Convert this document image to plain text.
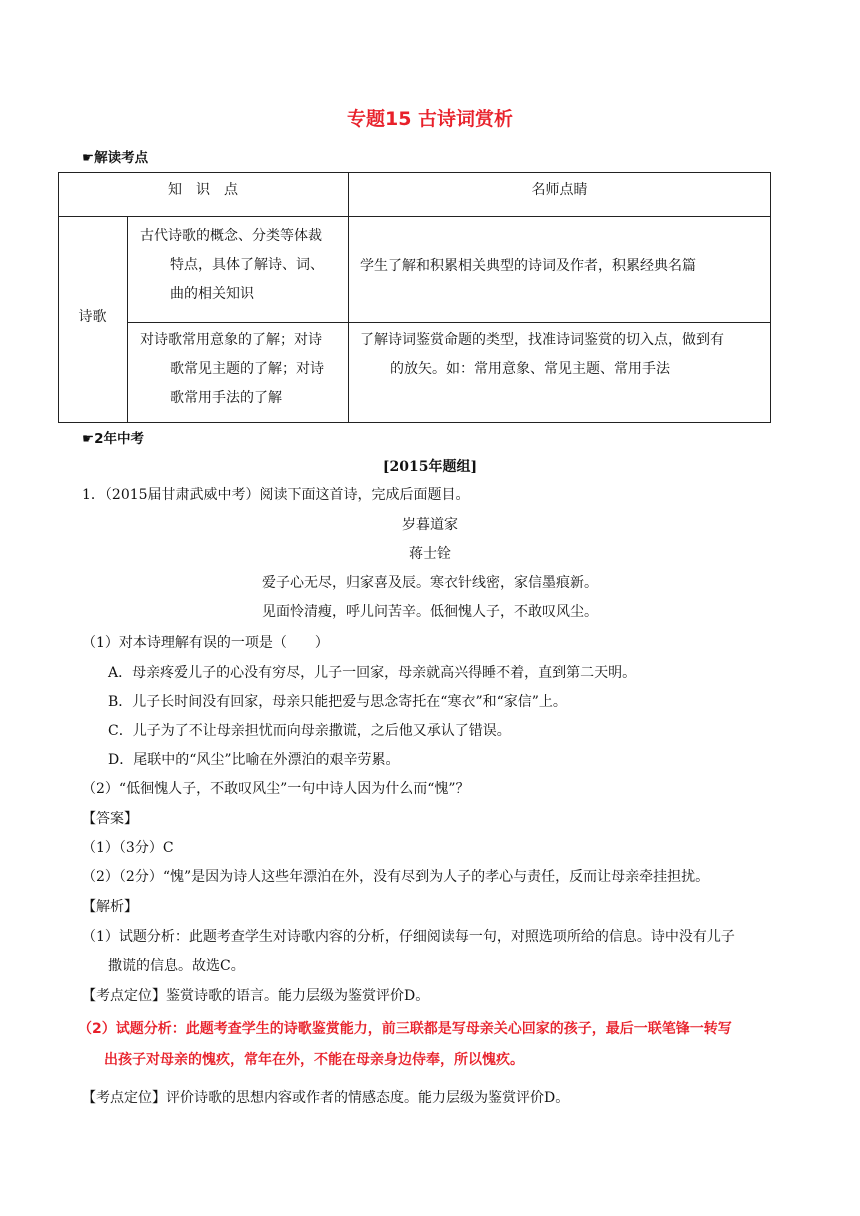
专题15 古诗词赏析
☛解读考点
知　识　点	名师点睛
诗歌
古代诗歌的概念、分类等体裁
特点，具体了解诗、词、
曲的相关知识
学生了解和积累相关典型的诗词及作者，积累经典名篇
对诗歌常用意象的了解；对诗
歌常见主题的了解；对诗
歌常用手法的了解
了解诗词鉴赏命题的类型，找准诗词鉴赏的切入点，做到有
的放矢。如：常用意象、常见主题、常用手法
☛2年中考
[2015年题组]
1．（2015届甘肃武威中考）阅读下面这首诗，完成后面题目。
岁暮道家
蒋士铨
爱子心无尽，归家喜及辰。寒衣针线密，家信墨痕新。
见面怜清瘦，呼儿问苦辛。低徊愧人子，不敢叹风尘。
（1）对本诗理解有误的一项是（　　）
A．母亲疼爱儿子的心没有穷尽，儿子一回家，母亲就高兴得睡不着，直到第二天明。
B．儿子长时间没有回家，母亲只能把爱与思念寄托在“寒衣”和“家信”上。
C．儿子为了不让母亲担忧而向母亲撒谎，之后他又承认了错误。
D．尾联中的“风尘”比喻在外漂泊的艰辛劳累。
（2）“低徊愧人子，不敢叹风尘”一句中诗人因为什么而“愧”？
【答案】
（1）（3分）C
（2）（2分）“愧”是因为诗人这些年漂泊在外，没有尽到为人子的孝心与责任，反而让母亲牵挂担扰。
【解析】
（1）试题分析：此题考查学生对诗歌内容的分析，仔细阅读每一句，对照选项所给的信息。诗中没有儿子
撒谎的信息。故选C。
【考点定位】鉴赏诗歌的语言。能力层级为鉴赏评价D。
（2）试题分析：此题考查学生的诗歌鉴赏能力，前三联都是写母亲关心回家的孩子，最后一联笔锋一转写
出孩子对母亲的愧疚，常年在外，不能在母亲身边侍奉，所以愧疚。
【考点定位】评价诗歌的思想内容或作者的情感态度。能力层级为鉴赏评价D。
